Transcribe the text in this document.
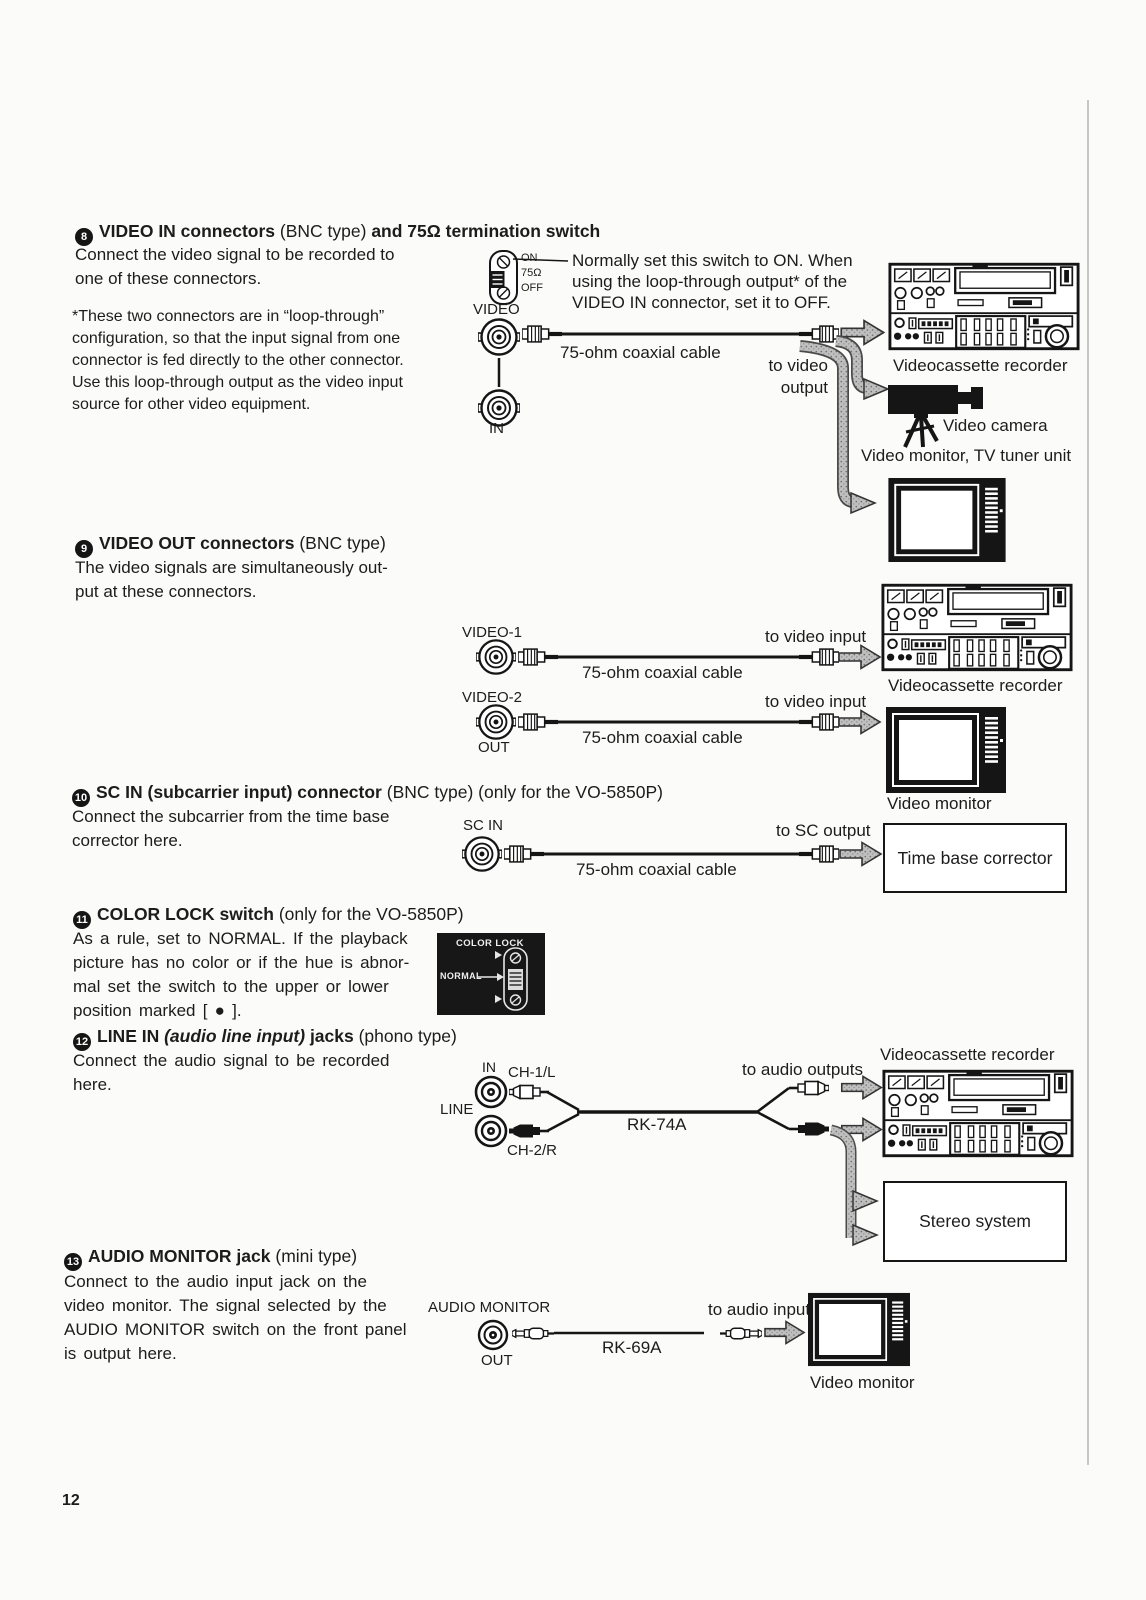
8 VIDEO IN connectors (BNC type) and 75Ω termination switch
Connect the video signal to be recorded to
one of these connectors.
*These two connectors are in “loop-through”
configuration, so that the input signal from one
connector is fed directly to the other connector.
Use this loop-through output as the video input
source for other video equipment.
ON
75Ω
OFF
Normally set this switch to ON. When
using the loop-through output* of the
VIDEO IN connector, set it to OFF.
VIDEO
75-ohm coaxial cable
to video output
IN
Videocassette recorder
Video camera
Video monitor, TV tuner unit
9 VIDEO OUT connectors (BNC type)
The video signals are simultaneously out-
put at these connectors.
VIDEO-1
75-ohm coaxial cable
to video input
Videocassette recorder
VIDEO-2
75-ohm coaxial cable
to video input
OUT
Video monitor
10 SC IN (subcarrier input) connector (BNC type) (only for the VO-5850P)
Connect the subcarrier from the time base
corrector here.
SC IN
75-ohm coaxial cable
to SC output
Time base corrector
11 COLOR LOCK switch (only for the VO-5850P)
As a rule, set to NORMAL. If the playback
picture has no color or if the hue is abnor-
mal set the switch to the upper or lower
position marked [ ● ].
COLOR LOCK
NORMAL
12 LINE IN (audio line input) jacks (phono type)
Connect the audio signal to be recorded
here.
Videocassette recorder
IN CH-1/L
LINE
CH-2/R
RK-74A
to audio outputs
Stereo system
13 AUDIO MONITOR jack (mini type)
Connect to the audio input jack on the
video monitor. The signal selected by the
AUDIO MONITOR switch on the front panel
is output here.
AUDIO MONITOR
OUT
RK-69A
to audio input
Video monitor
12
